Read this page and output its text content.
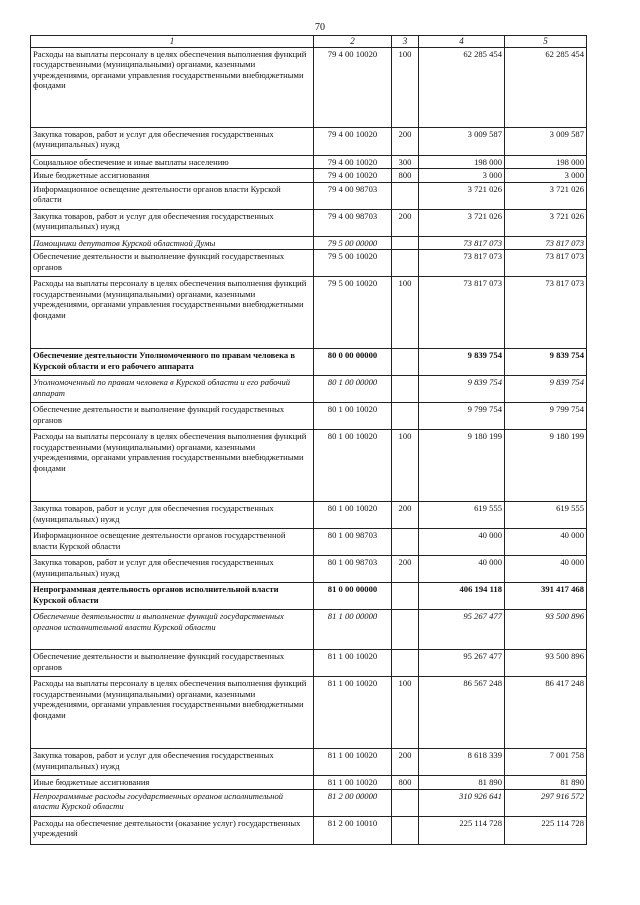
70
1	2	3	4	5
Расходы на выплаты персоналу в целях обеспечения выполнения функций государственными (муниципальными) органами, казенными учреждениями, органами управления государственными внебюджетными фондами	79 4 00 10020	100	62 285 454	62 285 454
Закупка товаров, работ и услуг для обеспечения государственных (муниципальных) нужд	79 4 00 10020	200	3 009 587	3 009 587
Социальное обеспечение и иные выплаты населению	79 4 00 10020	300	198 000	198 000
Иные бюджетные ассигнования	79 4 00 10020	800	3 000	3 000
Информационное освещение деятельности органов власти Курской области	79 4 00 98703		3 721 026	3 721 026
Закупка товаров, работ и услуг для обеспечения государственных (муниципальных) нужд	79 4 00 98703	200	3 721 026	3 721 026
Помощники депутатов Курской областной Думы	79 5 00 00000		73 817 073	73 817 073
Обеспечение деятельности и выполнение функций государственных органов	79 5 00 10020		73 817 073	73 817 073
Расходы на выплаты персоналу в целях обеспечения выполнения функций государственными (муниципальными) органами, казенными учреждениями, органами управления государственными внебюджетными фондами	79 5 00 10020	100	73 817 073	73 817 073
Обеспечение деятельности Уполномоченного по правам человека в Курской области и его рабочего аппарата	80 0 00 00000		9 839 754	9 839 754
Уполномоченный по правам человека в Курской области и его рабочий аппарат	80 1 00 00000		9 839 754	9 839 754
Обеспечение деятельности и выполнение функций государственных органов	80 1 00 10020		9 799 754	9 799 754
Расходы на выплаты персоналу в целях обеспечения выполнения функций государственными (муниципальными) органами, казенными учреждениями, органами управления государственными внебюджетными фондами	80 1 00 10020	100	9 180 199	9 180 199
Закупка товаров, работ и услуг для обеспечения государственных (муниципальных) нужд	80 1 00 10020	200	619 555	619 555
Информационное освещение деятельности органов государственной власти Курской области	80 1 00 98703		40 000	40 000
Закупка товаров, работ и услуг для обеспечения государственных (муниципальных) нужд	80 1 00 98703	200	40 000	40 000
Непрограммная деятельность органов исполнительной власти Курской области	81 0 00 00000		406 194 118	391 417 468
Обеспечение деятельности и выполнение функций государственных органов исполнительной власти Курской области	81 1 00 00000		95 267 477	93 500 896
Обеспечение деятельности и выполнение функций государственных органов	81 1 00 10020		95 267 477	93 500 896
Расходы на выплаты персоналу в целях обеспечения выполнения функций государственными (муниципальными) органами, казенными учреждениями, органами управления государственными внебюджетными фондами	81 1 00 10020	100	86 567 248	86 417 248
Закупка товаров, работ и услуг для обеспечения государственных (муниципальных) нужд	81 1 00 10020	200	8 618 339	7 001 758
Иные бюджетные ассигнования	81 1 00 10020	800	81 890	81 890
Непрограммные расходы государственных органов исполнительной власти Курской области	81 2 00 00000		310 926 641	297 916 572
Расходы на обеспечение деятельности (оказание услуг) государственных учреждений	81 2 00 10010		225 114 728	225 114 728
